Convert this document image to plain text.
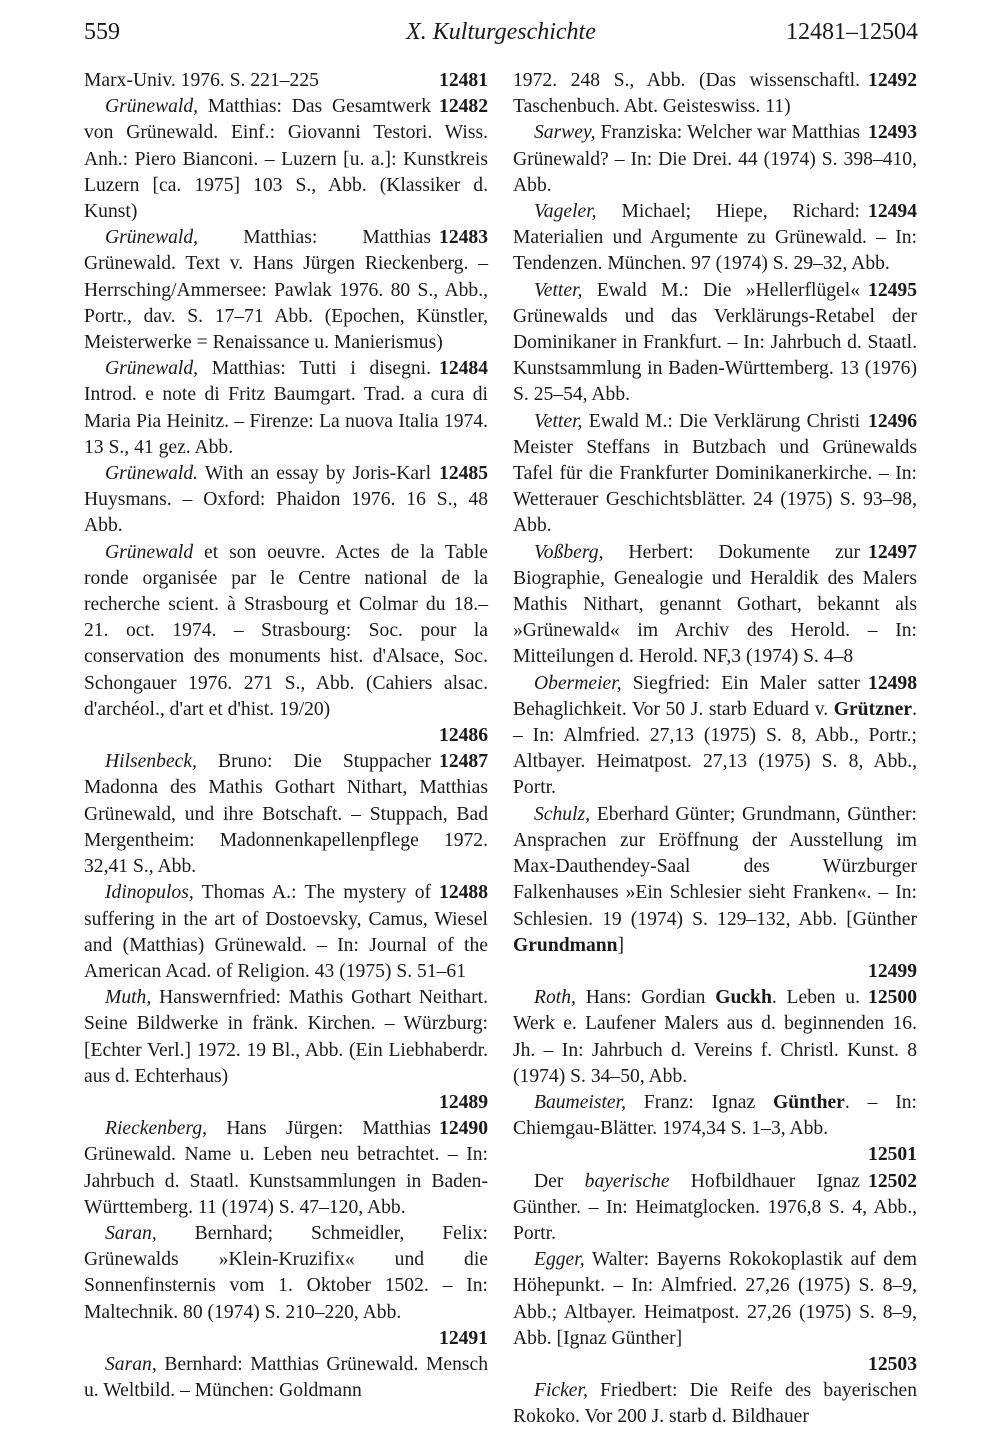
559	X. Kulturgeschichte	12481–12504
12481
Marx-Univ. 1976. S. 221–225
12482
Grünewald, Matthias: Das Gesamtwerk von Grünewald. Einf.: Giovanni Testori. Wiss. Anh.: Piero Bianconi. – Luzern [u. a.]: Kunstkreis Luzern [ca. 1975] 103 S., Abb. (Klassiker d. Kunst)
12483
Grünewald, Matthias: Matthias Grünewald. Text v. Hans Jürgen Rieckenberg. – Herrsching/Ammersee: Pawlak 1976. 80 S., Abb., Portr., dav. S. 17–71 Abb. (Epochen, Künstler, Meisterwerke = Renaissance u. Manierismus)
12484
Grünewald, Matthias: Tutti i disegni. Introd. e note di Fritz Baumgart. Trad. a cura di Maria Pia Heinitz. – Firenze: La nuova Italia 1974. 13 S., 41 gez. Abb.
12485
Grünewald. With an essay by Joris-Karl Huysmans. – Oxford: Phaidon 1976. 16 S., 48 Abb.
Grünewald et son oeuvre. Actes de la Table ronde organisée par le Centre national de la recherche scient. à Strasbourg et Colmar du 18.–21. oct. 1974. – Strasbourg: Soc. pour la conservation des monuments hist. d'Alsace, Soc. Schongauer 1976. 271 S., Abb. (Cahiers alsac. d'archéol., d'art et d'hist. 19/20)
12486
12487
Hilsenbeck, Bruno: Die Stuppacher Madonna des Mathis Gothart Nithart, Matthias Grünewald, und ihre Botschaft. – Stuppach, Bad Mergentheim: Madonnenkapellenpflege 1972. 32,41 S., Abb.
12488
Idinopulos, Thomas A.: The mystery of suffering in the art of Dostoevsky, Camus, Wiesel and (Matthias) Grünewald. – In: Journal of the American Acad. of Religion. 43 (1975) S. 51–61
Muth, Hanswernfried: Mathis Gothart Neithart. Seine Bildwerke in fränk. Kirchen. – Würzburg: [Echter Verl.] 1972. 19 Bl., Abb. (Ein Liebhaberdr. aus d. Echterhaus)
12489
12490
Rieckenberg, Hans Jürgen: Matthias Grünewald. Name u. Leben neu betrachtet. – In: Jahrbuch d. Staatl. Kunstsammlungen in Baden-Württemberg. 11 (1974) S. 47–120, Abb.
Saran, Bernhard; Schmeidler, Felix: Grünewalds »Klein-Kruzifix« und die Sonnenfinsternis vom 1. Oktober 1502. – In: Maltechnik. 80 (1974) S. 210–220, Abb.
12491
Saran, Bernhard: Matthias Grünewald. Mensch u. Weltbild. – München: Goldmann
12492
1972. 248 S., Abb. (Das wissenschaftl. Taschenbuch. Abt. Geisteswiss. 11)
12493
Sarwey, Franziska: Welcher war Matthias Grünewald? – In: Die Drei. 44 (1974) S. 398–410, Abb.
12494
Vageler, Michael; Hiepe, Richard: Materialien und Argumente zu Grünewald. – In: Tendenzen. München. 97 (1974) S. 29–32, Abb.
12495
Vetter, Ewald M.: Die »Hellerflügel« Grünewalds und das Verklärungs-Retabel der Dominikaner in Frankfurt. – In: Jahrbuch d. Staatl. Kunstsammlung in Baden-Württemberg. 13 (1976) S. 25–54, Abb.
12496
Vetter, Ewald M.: Die Verklärung Christi Meister Steffans in Butzbach und Grünewalds Tafel für die Frankfurter Dominikanerkirche. – In: Wetterauer Geschichtsblätter. 24 (1975) S. 93–98, Abb.
12497
Voßberg, Herbert: Dokumente zur Biographie, Genealogie und Heraldik des Malers Mathis Nithart, genannt Gothart, bekannt als »Grünewald« im Archiv des Herold. – In: Mitteilungen d. Herold. NF,3 (1974) S. 4–8
12498
Obermeier, Siegfried: Ein Maler satter Behaglichkeit. Vor 50 J. starb Eduard v. Grützner. – In: Almfried. 27,13 (1975) S. 8, Abb., Portr.; Altbayer. Heimatpost. 27,13 (1975) S. 8, Abb., Portr.
Schulz, Eberhard Günter; Grundmann, Günther: Ansprachen zur Eröffnung der Ausstellung im Max-Dauthendey-Saal des Würzburger Falkenhauses »Ein Schlesier sieht Franken«. – In: Schlesien. 19 (1974) S. 129–132, Abb. [Günther Grundmann]
12499
12500
Roth, Hans: Gordian Guckh. Leben u. Werk e. Laufener Malers aus d. beginnenden 16. Jh. – In: Jahrbuch d. Vereins f. Christl. Kunst. 8 (1974) S. 34–50, Abb.
Baumeister, Franz: Ignaz Günther. – In: Chiemgau-Blätter. 1974,34 S. 1–3, Abb.
12501
12502
Der bayerische Hofbildhauer Ignaz Günther. – In: Heimatglocken. 1976,8 S. 4, Abb., Portr.
Egger, Walter: Bayerns Rokokoplastik auf dem Höhepunkt. – In: Almfried. 27,26 (1975) S. 8–9, Abb.; Altbayer. Heimatpost. 27,26 (1975) S. 8–9, Abb. [Ignaz Günther]
12503
Ficker, Friedbert: Die Reife des bayerischen Rokoko. Vor 200 J. starb d. Bildhauer
